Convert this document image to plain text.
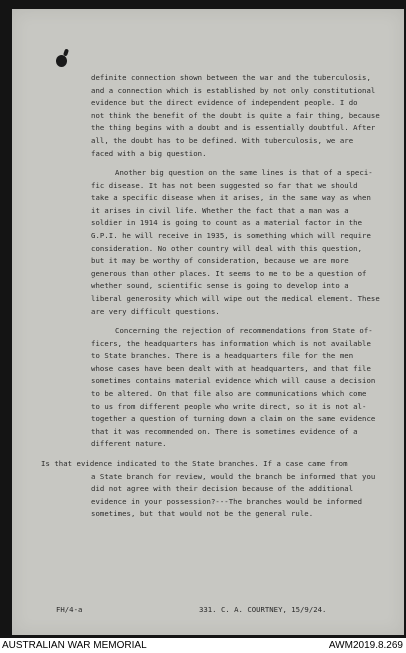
definite connection shown between the war and the tuberculosis,
and a connection which is established by not only constitutional
evidence but the direct evidence of independent people. I do
not think the benefit of the doubt is quite a fair thing, because
the thing begins with a doubt and is essentially doubtful. After
all, the doubt has to be defined. With tuberculosis, we are
faced with a big question.
Another big question on the same lines is that of a speci-
fic disease. It has not been suggested so far that we should
take a specific disease when it arises, in the same way as when
it arises in civil life. Whether the fact that a man was a
soldier in 1914 is going to count as a material factor in the
G.P.I. he will receive in 1935, is something which will require
consideration. No other country will deal with this question,
but it may be worthy of consideration, because we are more
generous than other places. It seems to me to be a question of
whether sound, scientific sense is going to develop into a
liberal generosity which will wipe out the medical element. These
are very difficult questions.
Concerning the rejection of recommendations from State of-
ficers, the headquarters has information which is not available
to State branches. There is a headquarters file for the men
whose cases have been dealt with at headquarters, and that file
sometimes contains material evidence which will cause a decision
to be altered. On that file also are communications which come
to us from different people who write direct, so it is not al-
together a question of turning down a claim on the same evidence
that it was recommended on. There is sometimes evidence of a
different nature.
Is that evidence indicated to the State branches. If a case came from
a State branch for review, would the branch be informed that you
did not agree with their decision because of the additional
evidence in your possession?---The branches would be informed
sometimes, but that would not be the general rule.
FH/4-a	331. C. A. COURTNEY, 15/9/24.
AUSTRALIAN WAR MEMORIAL	AWM2019.8.269
